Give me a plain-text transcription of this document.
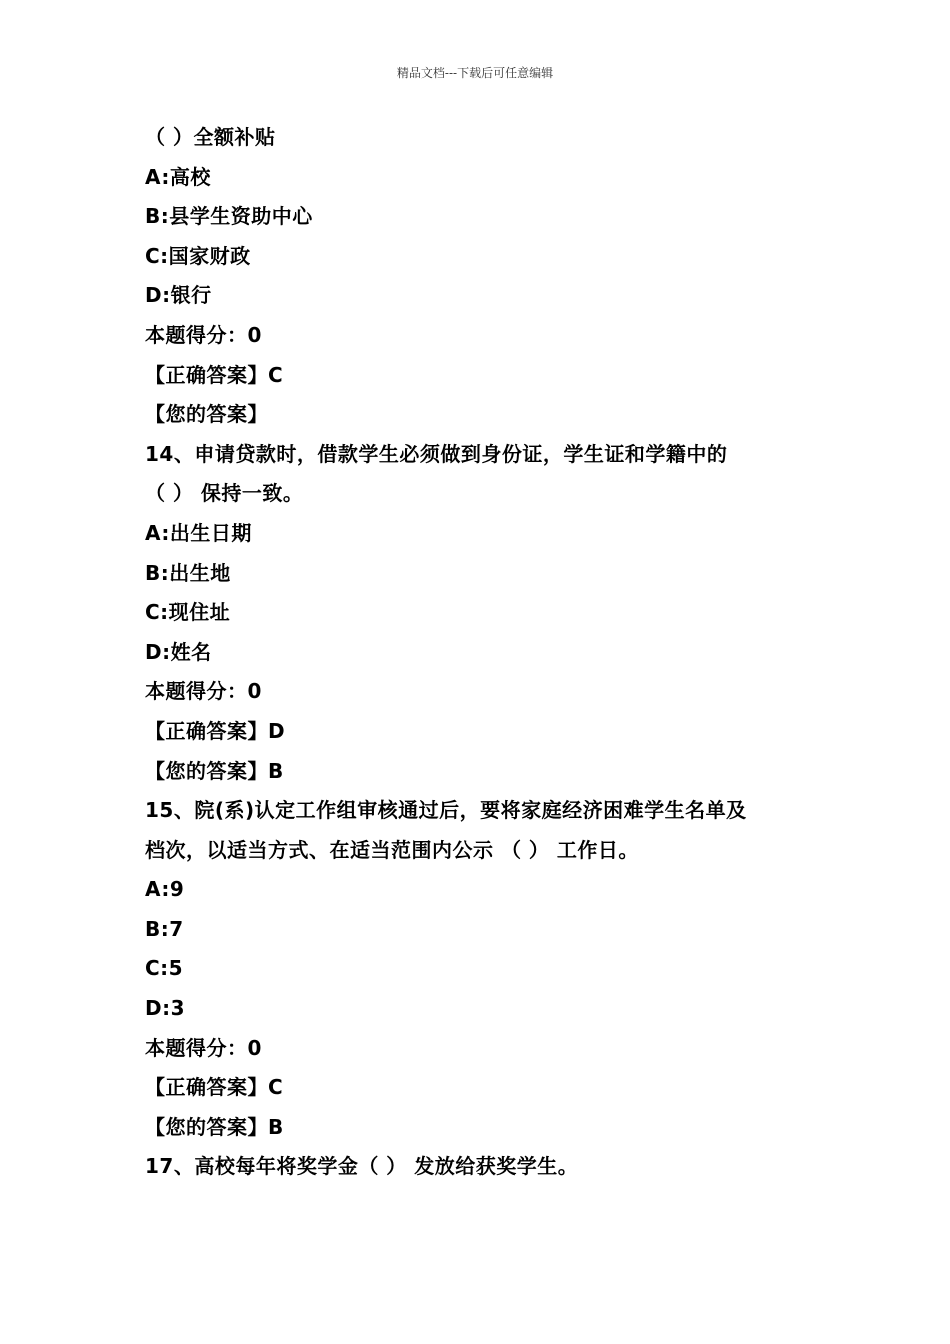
精品文档---下载后可任意编辑
（ ）全额补贴
A:高校
B:县学生资助中心
C:国家财政
D:银行
本题得分：0
【正确答案】C
【您的答案】
14、申请贷款时，借款学生必须做到身份证，学生证和学籍中的
（ ） 保持一致。
A:出生日期
B:出生地
C:现住址
D:姓名
本题得分：0
【正确答案】D
【您的答案】B
15、院(系)认定工作组审核通过后，要将家庭经济困难学生名单及
档次，以适当方式、在适当范围内公示 （ ） 工作日。
A:9
B:7
C:5
D:3
本题得分：0
【正确答案】C
【您的答案】B
17、高校每年将奖学金（ ） 发放给获奖学生。
